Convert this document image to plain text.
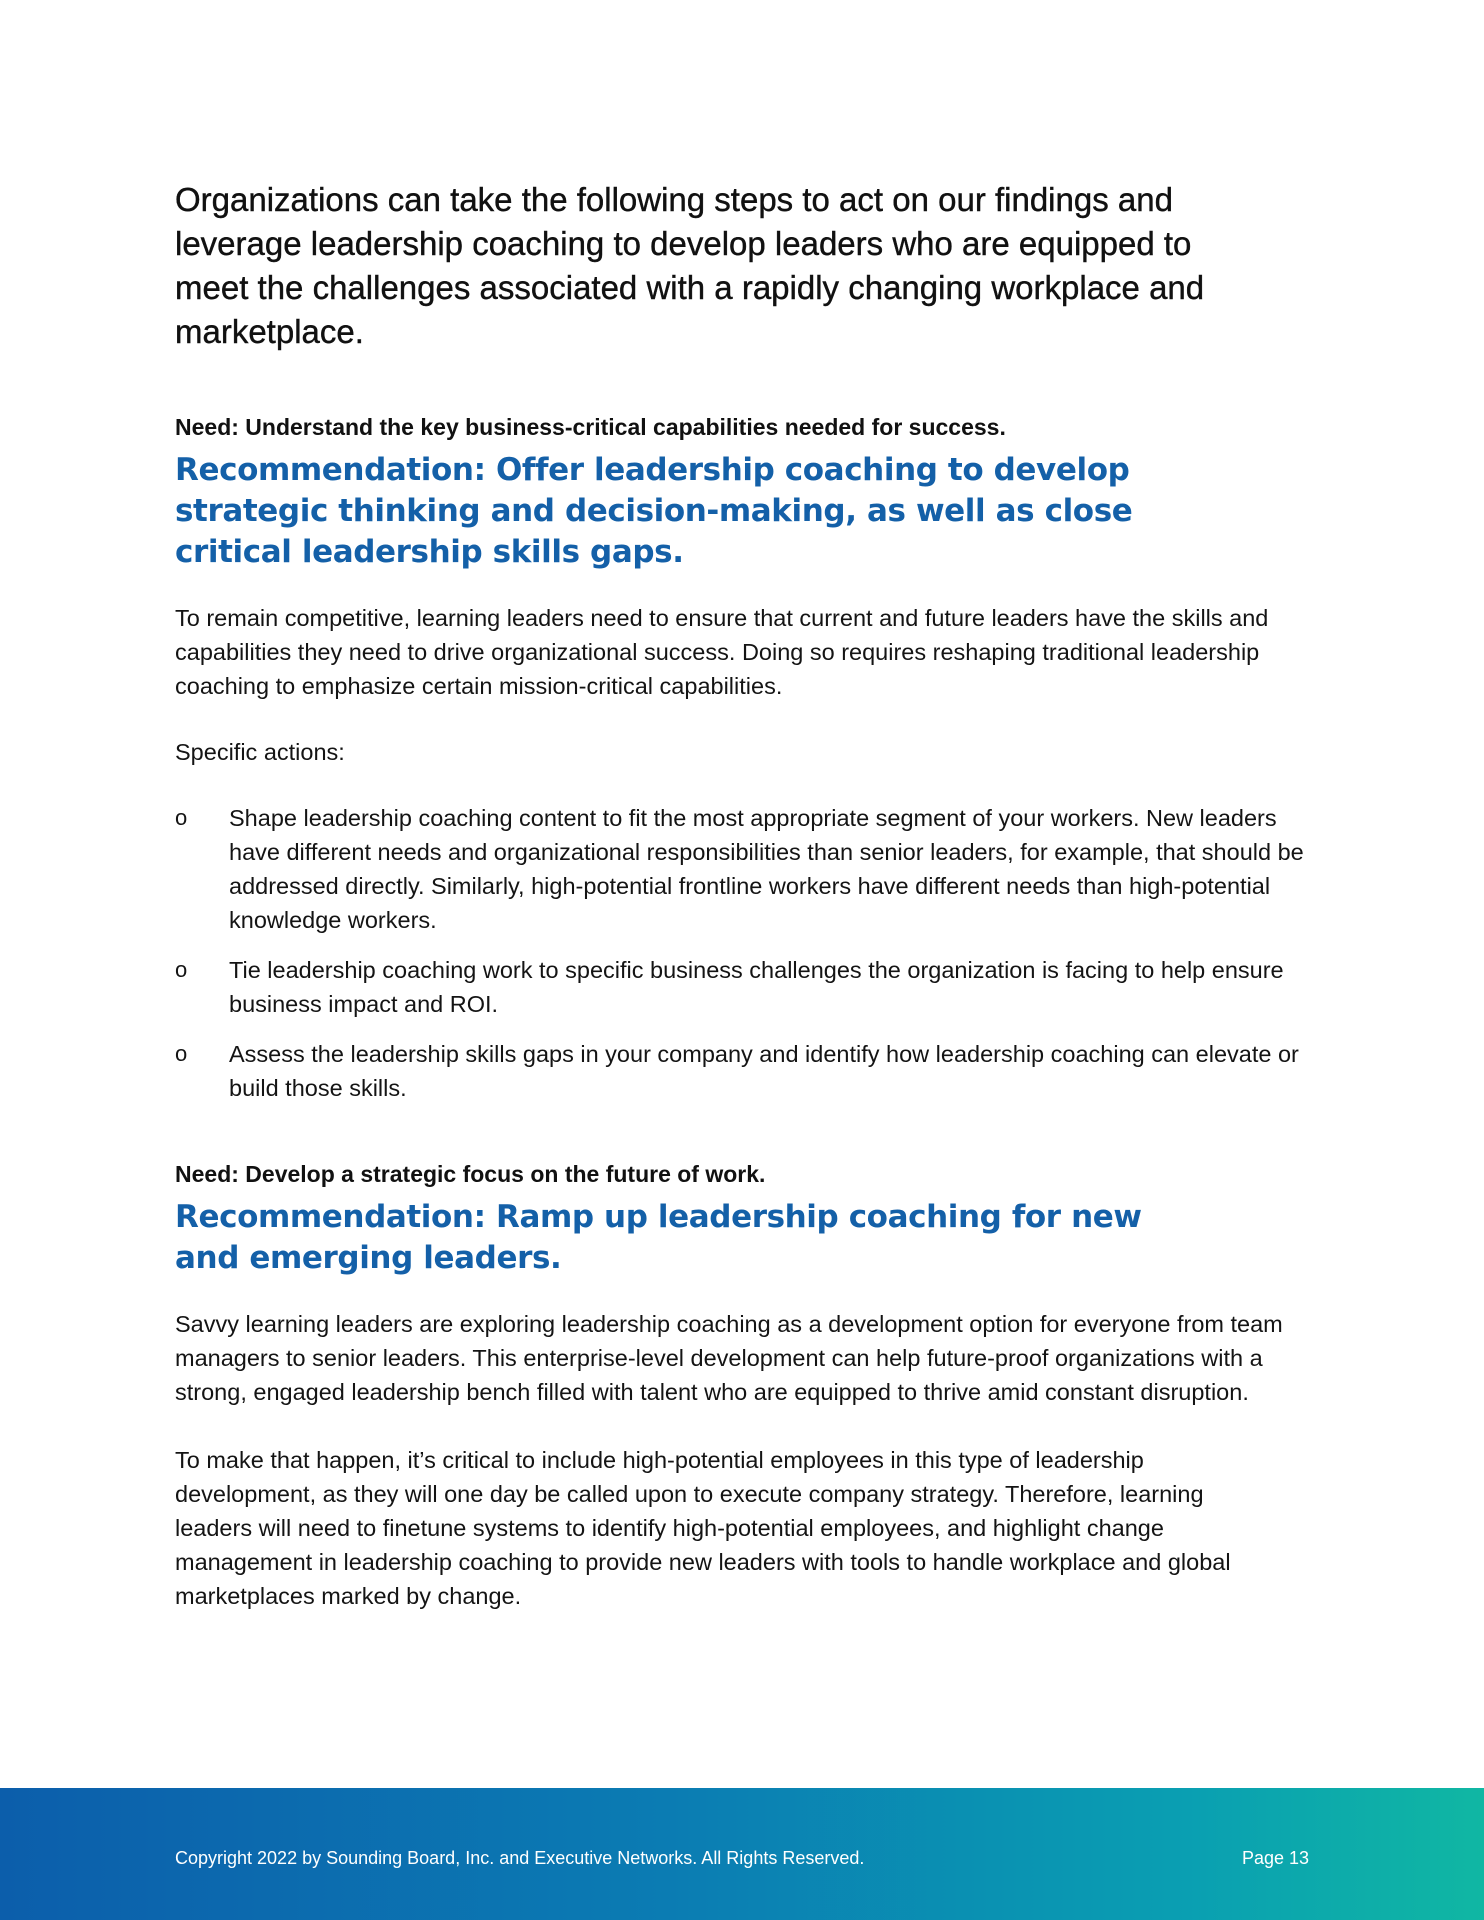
Organizations can take the following steps to act on our findings and leverage leadership coaching to develop leaders who are equipped to meet the challenges associated with a rapidly changing workplace and marketplace.

Need: Understand the key business-critical capabilities needed for success.

Recommendation: Offer leadership coaching to develop strategic thinking and decision-making, as well as close critical leadership skills gaps.

To remain competitive, learning leaders need to ensure that current and future leaders have the skills and capabilities they need to drive organizational success. Doing so requires reshaping traditional leadership coaching to emphasize certain mission-critical capabilities.

Specific actions:

o Shape leadership coaching content to fit the most appropriate segment of your workers. New leaders have different needs and organizational responsibilities than senior leaders, for example, that should be addressed directly. Similarly, high-potential frontline workers have different needs than high-potential knowledge workers.
o Tie leadership coaching work to specific business challenges the organization is facing to help ensure business impact and ROI.
o Assess the leadership skills gaps in your company and identify how leadership coaching can elevate or build those skills.

Need: Develop a strategic focus on the future of work.

Recommendation: Ramp up leadership coaching for new and emerging leaders.

Savvy learning leaders are exploring leadership coaching as a development option for everyone from team managers to senior leaders. This enterprise-level development can help future-proof organizations with a strong, engaged leadership bench filled with talent who are equipped to thrive amid constant disruption.

To make that happen, it’s critical to include high-potential employees in this type of leadership development, as they will one day be called upon to execute company strategy. Therefore, learning leaders will need to finetune systems to identify high-potential employees, and highlight change management in leadership coaching to provide new leaders with tools to handle workplace and global marketplaces marked by change.

Copyright 2022 by Sounding Board, Inc. and Executive Networks. All Rights Reserved.	Page 13
